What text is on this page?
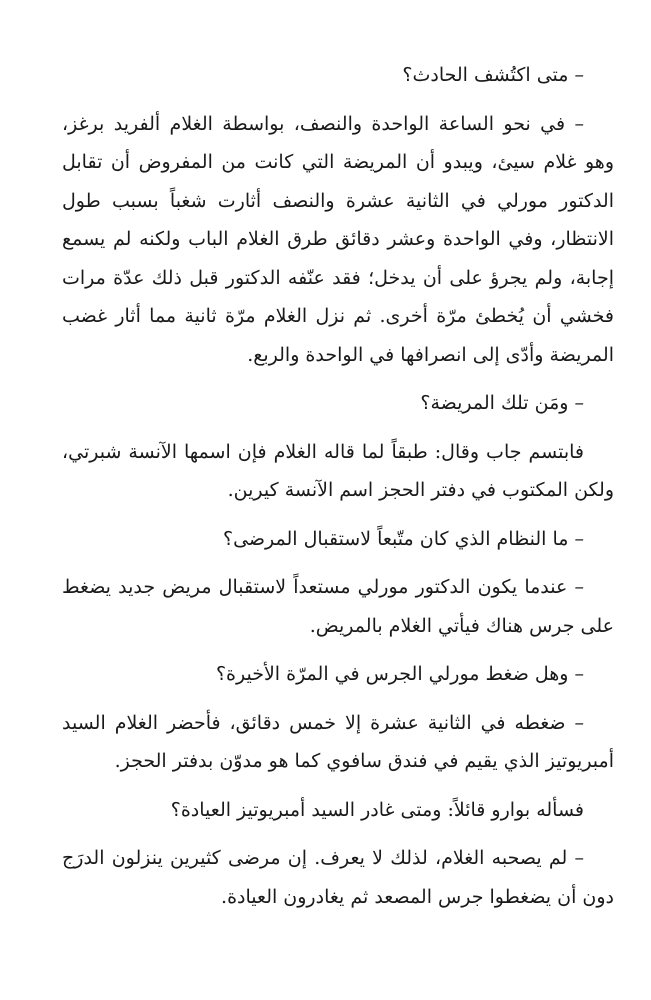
– متى اكتُشف الحادث؟

– في نحو الساعة الواحدة والنصف، بواسطة الغلام ألفريد برغز، وهو غلام سيئ، ويبدو أن المريضة التي كانت من المفروض أن تقابل الدكتور مورلي في الثانية عشرة والنصف أثارت شغباً بسبب طول الانتظار، وفي الواحدة وعشر دقائق طرق الغلام الباب ولكنه لم يسمع إجابة، ولم يجرؤ على أن يدخل؛ فقد عنّفه الدكتور قبل ذلك عدّة مرات فخشي أن يُخطئ مرّة أخرى. ثم نزل الغلام مرّة ثانية مما أثار غضب المريضة وأدّى إلى انصرافها في الواحدة والربع.

– ومَن تلك المريضة؟

فابتسم جاب وقال: طبقاً لما قاله الغلام فإن اسمها الآنسة شبرتي، ولكن المكتوب في دفتر الحجز اسم الآنسة كيرين.

– ما النظام الذي كان متّبعاً لاستقبال المرضى؟

– عندما يكون الدكتور مورلي مستعداً لاستقبال مريض جديد يضغط على جرس هناك فيأتي الغلام بالمريض.

– وهل ضغط مورلي الجرس في المرّة الأخيرة؟

– ضغطه في الثانية عشرة إلا خمس دقائق، فأحضر الغلام السيد أمبريوتيز الذي يقيم في فندق سافوي كما هو مدوّن بدفتر الحجز.

فسأله بوارو قائلاً: ومتى غادر السيد أمبريوتيز العيادة؟

– لم يصحبه الغلام، لذلك لا يعرف. إن مرضى كثيرين ينزلون الدرَج دون أن يضغطوا جرس المصعد ثم يغادرون العيادة.
